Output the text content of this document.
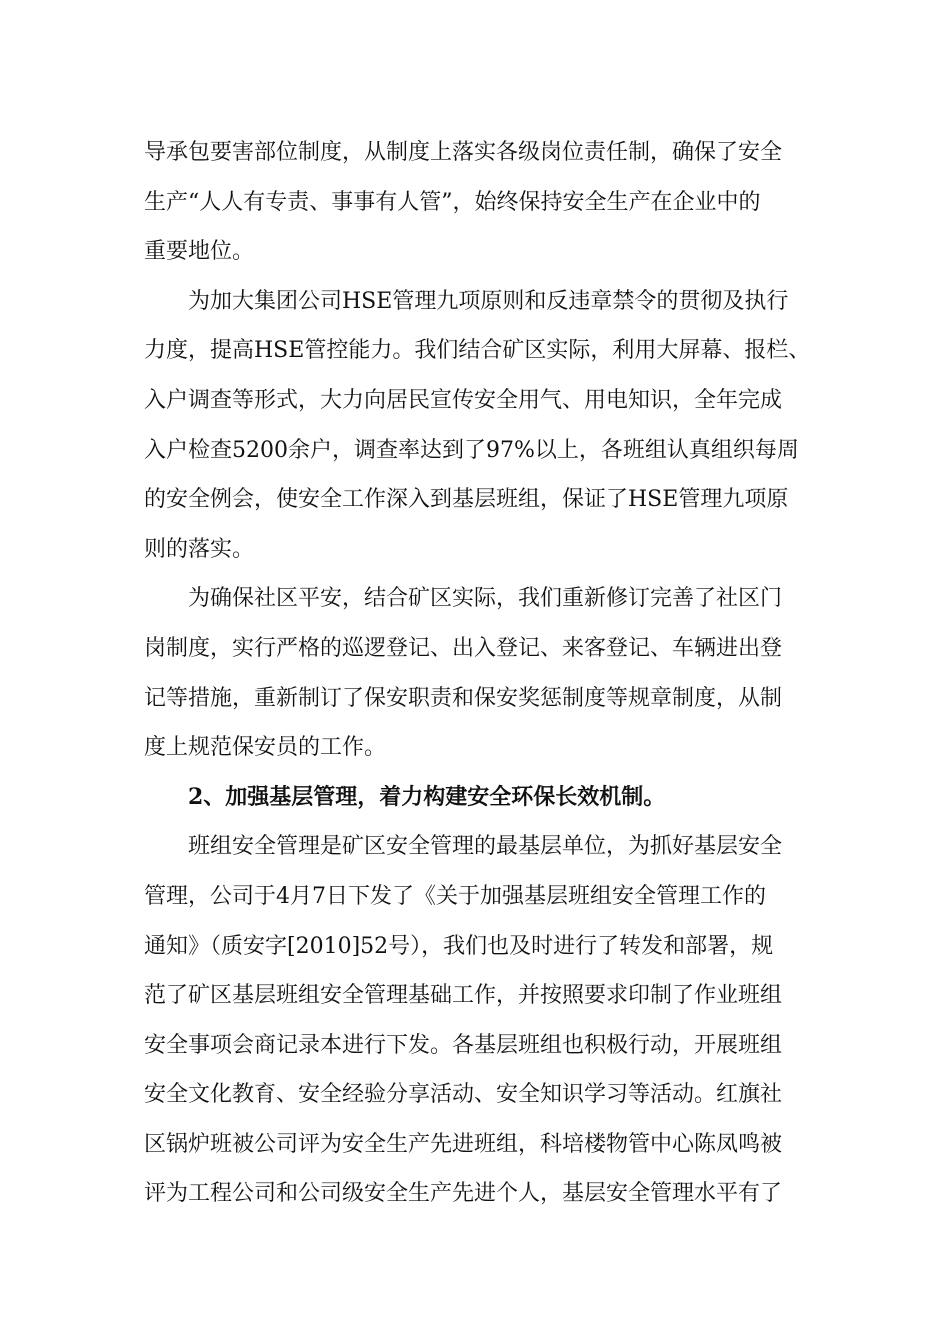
导承包要害部位制度，从制度上落实各级岗位责任制，确保了安全
生产“人人有专责、事事有人管”，始终保持安全生产在企业中的
重要地位。
为加大集团公司HSE管理九项原则和反违章禁令的贯彻及执行
力度，提高HSE管控能力。我们结合矿区实际，利用大屏幕、报栏、
入户调查等形式，大力向居民宣传安全用气、用电知识，全年完成
入户检查5200余户，调查率达到了97%以上，各班组认真组织每周
的安全例会，使安全工作深入到基层班组，保证了HSE管理九项原
则的落实。
为确保社区平安，结合矿区实际，我们重新修订完善了社区门
岗制度，实行严格的巡逻登记、出入登记、来客登记、车辆进出登
记等措施，重新制订了保安职责和保安奖惩制度等规章制度，从制
度上规范保安员的工作。
2、加强基层管理，着力构建安全环保长效机制。
班组安全管理是矿区安全管理的最基层单位，为抓好基层安全
管理，公司于4月7日下发了《关于加强基层班组安全管理工作的
通知》（质安字[2010]52号），我们也及时进行了转发和部署，规
范了矿区基层班组安全管理基础工作，并按照要求印制了作业班组
安全事项会商记录本进行下发。各基层班组也积极行动，开展班组
安全文化教育、安全经验分享活动、安全知识学习等活动。红旗社
区锅炉班被公司评为安全生产先进班组，科培楼物管中心陈凤鸣被
评为工程公司和公司级安全生产先进个人，基层安全管理水平有了
